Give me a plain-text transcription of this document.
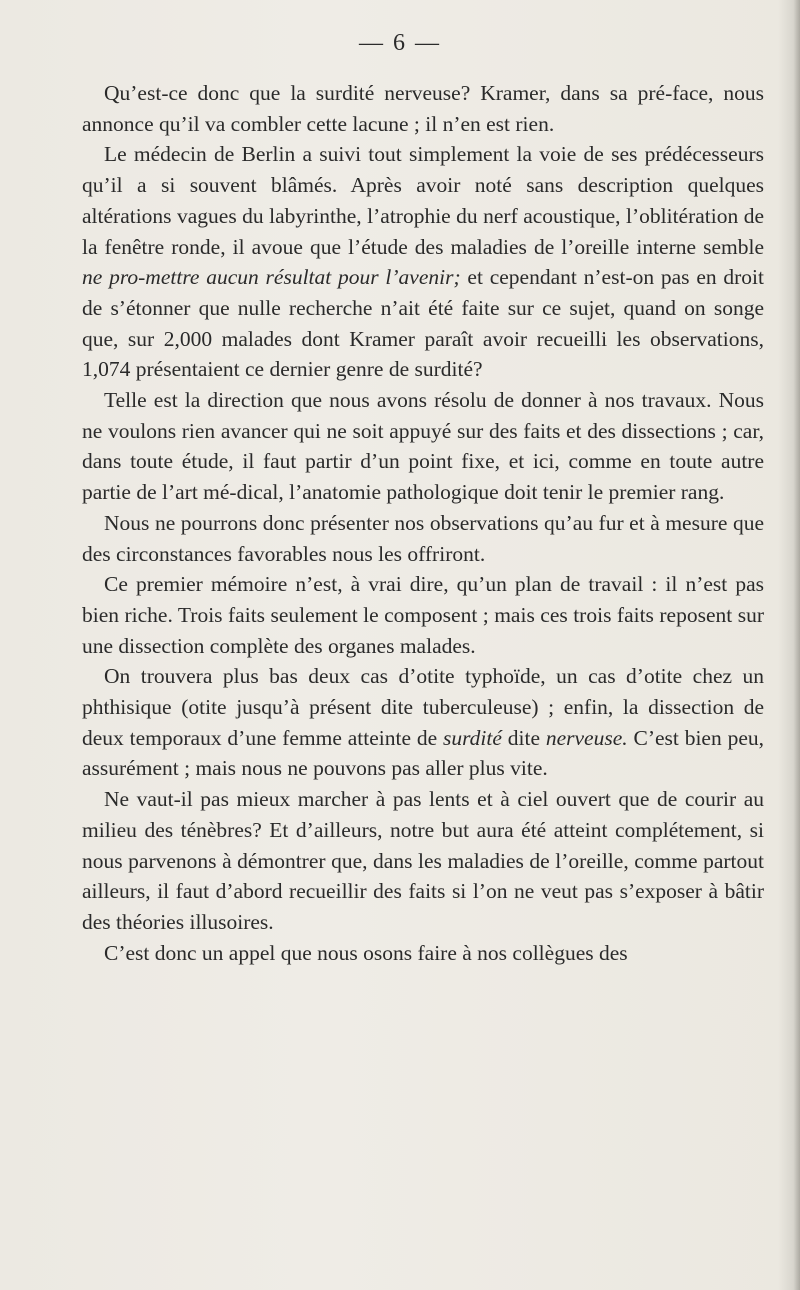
— 6 —

Qu’est-ce donc que la surdité nerveuse? Kramer, dans sa pré-face, nous annonce qu’il va combler cette lacune ; il n’en est rien.

Le médecin de Berlin a suivi tout simplement la voie de ses prédécesseurs qu’il a si souvent blâmés. Après avoir noté sans description quelques altérations vagues du labyrinthe, l’atrophie du nerf acoustique, l’oblitération de la fenêtre ronde, il avoue que l’étude des maladies de l’oreille interne semble ne pro-mettre aucun résultat pour l’avenir; et cependant n’est-on pas en droit de s’étonner que nulle recherche n’ait été faite sur ce sujet, quand on songe que, sur 2,000 malades dont Kramer paraît avoir recueilli les observations, 1,074 présentaient ce dernier genre de surdité?

Telle est la direction que nous avons résolu de donner à nos travaux. Nous ne voulons rien avancer qui ne soit appuyé sur des faits et des dissections ; car, dans toute étude, il faut partir d’un point fixe, et ici, comme en toute autre partie de l’art mé-dical, l’anatomie pathologique doit tenir le premier rang.

Nous ne pourrons donc présenter nos observations qu’au fur et à mesure que des circonstances favorables nous les offriront.

Ce premier mémoire n’est, à vrai dire, qu’un plan de travail : il n’est pas bien riche. Trois faits seulement le composent ; mais ces trois faits reposent sur une dissection complète des organes malades.

On trouvera plus bas deux cas d’otite typhoïde, un cas d’otite chez un phthisique (otite jusqu’à présent dite tuberculeuse) ; enfin, la dissection de deux temporaux d’une femme atteinte de surdité dite nerveuse. C’est bien peu, assurément ; mais nous ne pouvons pas aller plus vite.

Ne vaut-il pas mieux marcher à pas lents et à ciel ouvert que de courir au milieu des ténèbres? Et d’ailleurs, notre but aura été atteint complétement, si nous parvenons à démontrer que, dans les maladies de l’oreille, comme partout ailleurs, il faut d’abord recueillir des faits si l’on ne veut pas s’exposer à bâtir des théories illusoires.

C’est donc un appel que nous osons faire à nos collègues des
